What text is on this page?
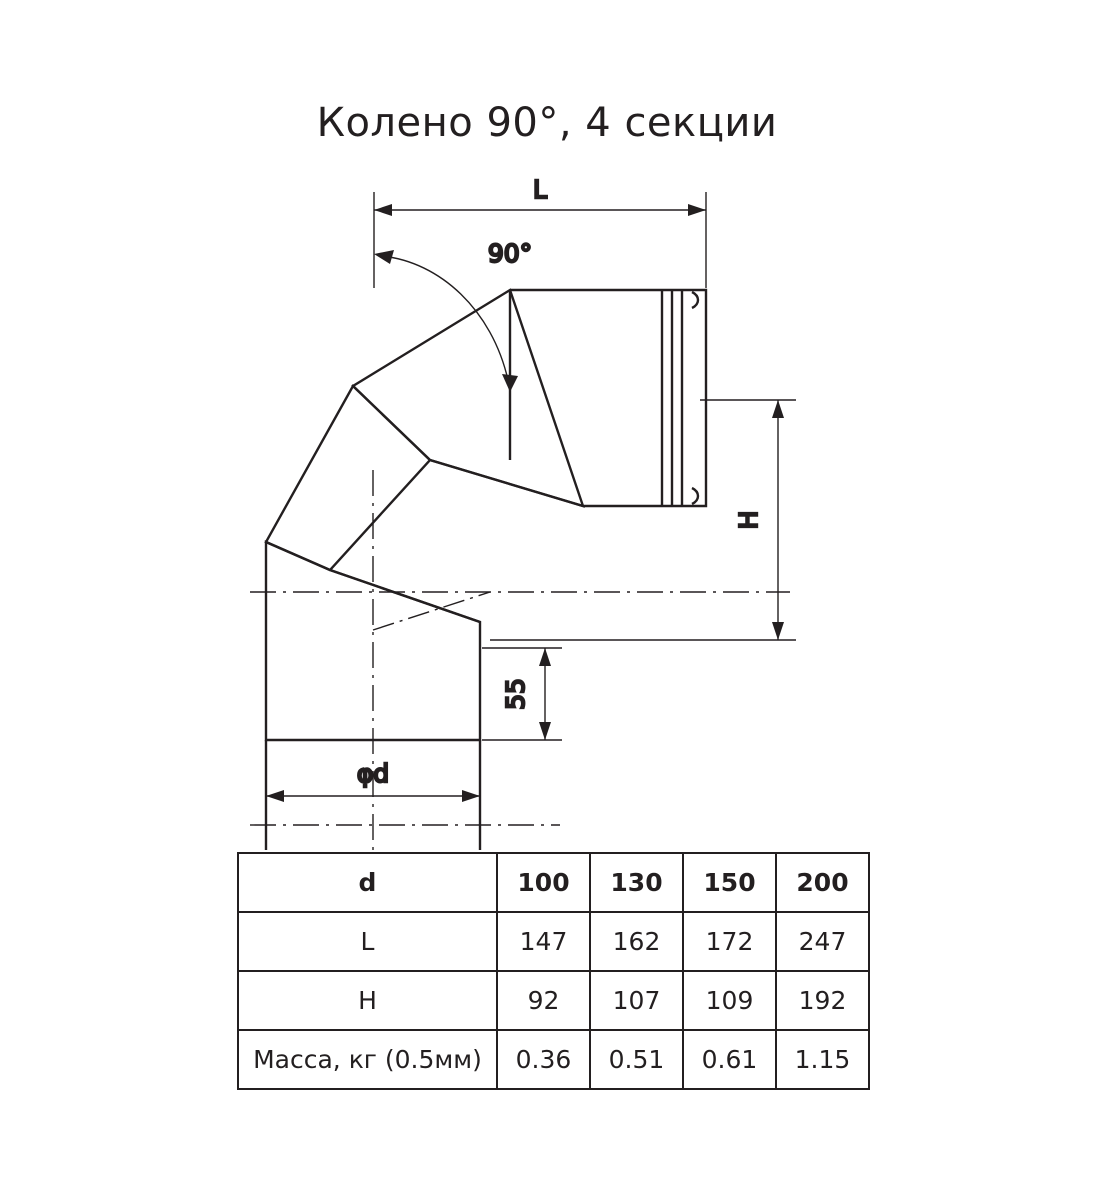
Колено 90°, 4 секции
L
90°
H
55
φd
d	100	130	150	200
L	147	162	172	247
H	92	107	109	192
Масса, кг (0.5мм)	0.36	0.51	0.61	1.15
